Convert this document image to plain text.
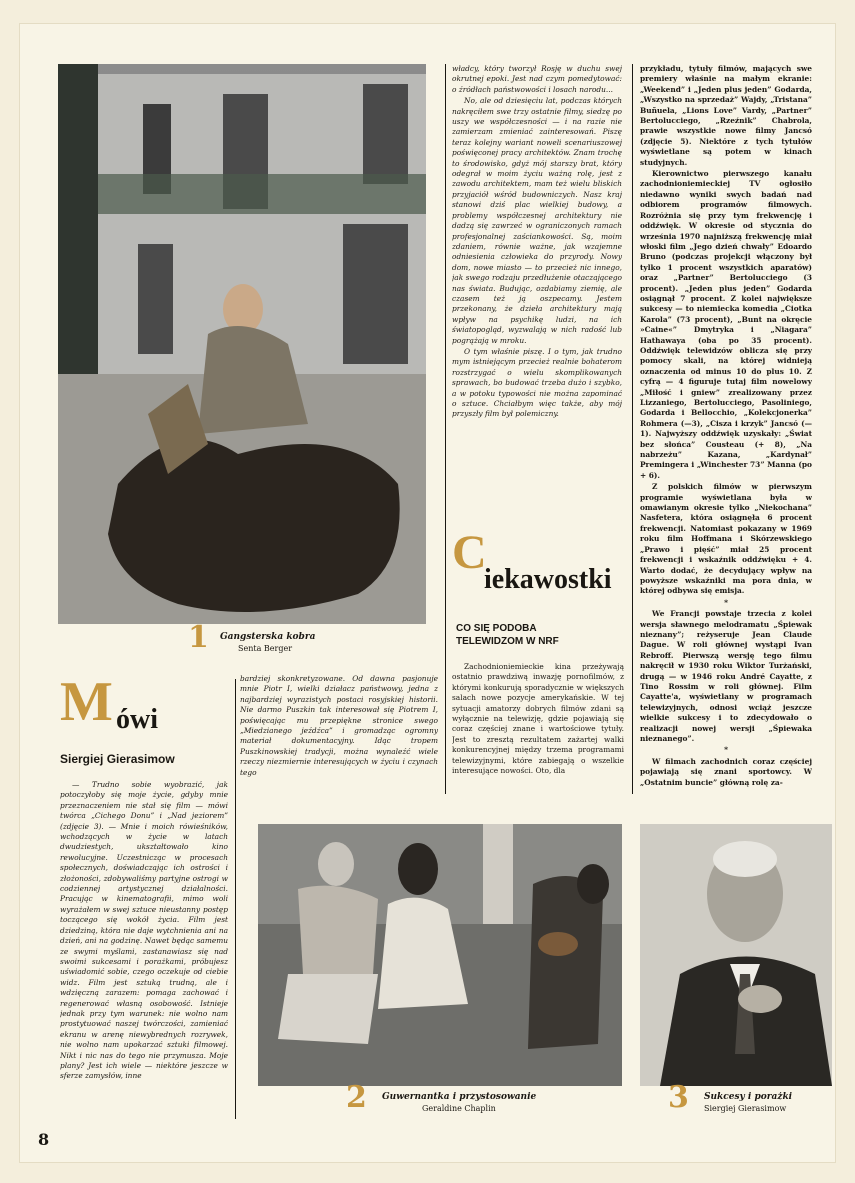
1 Gangsterska kobra
Senta Berger

władcy, który tworzył Rosję w duchu swej okrutnej epoki. Jest nad czym pomedytować: o źródłach państwowości i losach narodu...

No, ale od dziesięciu lat, podczas których nakręciłem swe trzy ostatnie filmy, siedzę po uszy we współczesności — i na razie nie zamierzam zmieniać zainteresowań. Piszę teraz kolejny wariant noweli scenariuszowej poświęconej pracy architektów. Znam trochę to środowisko, gdyż mój starszy brat, który odegrał w moim życiu ważną rolę, jest z zawodu architektem, mam też wielu bliskich przyjaciół wśród budowniczych. Nasz kraj stanowi dziś plac wielkiej budowy, a problemy współczesnej architektury nie dadzą się zawrzeć w ograniczonych ramach profesjonalnej zaściankowości. Są, moim zdaniem, równie ważne, jak wzajemne odniesienia człowieka do przyrody. Nowy dom, nowe miasto — to przecież nic innego, jak swego rodzaju przedłużenie otaczającego nas świata. Budując, ozdabiamy ziemię, ale czasem też ją oszpecamy. Jestem przekonany, że dzieła architektury mają wpływ na psychikę ludzi, na ich światopogląd, wyzwalają w nich radość lub pogrążają w mroku.

O tym właśnie piszę. I o tym, jak trudno mym istniejącym przecież realnie bohaterom rozstrzygać o wielu skomplikowanych sprawach, bo budować trzeba dużo i szybko, a w potoku typowości nie można zapominać o sztuce. Chciałbym więc także, aby mój przyszły film był polemiczny.

C
iekawostki
CO SIĘ PODOBA TELEWIDZOM W NRF

Zachodnioniemieckie kina przeżywają ostatnio prawdziwą inwazję pornofilmów, z którymi konkurują sporadycznie w większych salach nowe pozycje amerykańskie. W tej sytuacji amatorzy dobrych filmów zdani są wyłącznie na telewizję, gdzie pojawiają się coraz częściej znane i wartościowe tytuły. Jest to zresztą rezultatem zażartej walki konkurencyjnej między trzema programami telewizyjnymi, które zabiegają o wszelkie interesujące nowości. Oto, dla

przykładu, tytuły filmów, mających swe premiery właśnie na małym ekranie: „Weekend” i „Jeden plus jeden” Godarda, „Wszystko na sprzedaż” Wajdy, „Tristana” Buñuela, „Lions Love” Vardy, „Partner” Bertolucciego, „Rzeźnik” Chabrola, prawie wszystkie nowe filmy Jancsó (zdjęcie 5). Niektóre z tych tytułów wyświetlane są potem w kinach studyjnych.

Kierownictwo pierwszego kanału zachodnioniemieckiej TV ogłosiło niedawno wyniki swych badań nad odbiorem programów filmowych. Rozróżnia się przy tym frekwencję i oddźwięk. W okresie od stycznia do września 1970 najniższą frekwencję miał włoski film „Jego dzień chwały” Edoardo Bruno (podczas projekcji włączony był tylko 1 procent wszystkich aparatów) oraz „Partner” Bertolucciego (3 procent). „Jeden plus jeden” Godarda osiągnął 7 procent. Z kolei największe sukcesy — to niemiecka komedia „Ciotka Karola” (73 procent), „Bunt na okręcie »Caine«” Dmytryka i „Niagara” Hathawaya (oba po 35 procent). Oddźwięk telewidzów oblicza się przy pomocy skali, na której widnieją oznaczenia od minus 10 do plus 10. Z cyfrą — 4 figuruje tutaj film nowelowy „Miłość i gniew” zrealizowany przez Lizzaniego, Bertolucciego, Pasoliniego, Godarda i Bellocchio, „Kolekcjonerka” Rohmera (—3), „Cisza i krzyk” Jancsó (—1). Najwyższy oddźwięk uzyskały: „Świat bez słońca” Cousteau (+ 8), „Na nabrzeżu” Kazana, „Kardynał” Premingera i „Winchester 73” Manna (po + 6).

Z polskich filmów w pierwszym programie wyświetlana była w omawianym okresie tylko „Niekochana” Nasfetera, która osiągnęła 6 procent frekwencji. Natomiast pokazany w 1969 roku film Hoffmana i Skórzewskiego „Prawo i pięść” miał 25 procent frekwencji i wskaźnik oddźwięku + 4. Warto dodać, że decydujący wpływ na powyższe wskaźniki ma pora dnia, w której odbywa się emisja.

*

We Francji powstaje trzecia z kolei wersja sławnego melodramatu „Śpiewak nieznany”; reżyseruje Jean Claude Dague. W roli głównej wystąpi Ivan Rebroff. Pierwszą wersję tego filmu nakręcił w 1930 roku Wiktor Turżański, drugą — w 1946 roku André Cayatte, z Tino Rossim w roli głównej. Film Cayatte'a, wyświetlany w programach telewizyjnych, odnosi wciąż jeszcze wielkie sukcesy i to zdecydowało o realizacji nowej wersji „Śpiewaka nieznanego”.

*

W filmach zachodnich coraz częściej pojawiają się znani sportowcy. W „Ostatnim buncie” główną rolę za-

M ówi
Siergiej Gierasimow

— Trudno sobie wyobrazić, jak potoczyłoby się moje życie, gdyby mnie przeznaczeniem nie stał się film — mówi twórca „Cichego Donu” i „Nad jeziorem” (zdjęcie 3). — Mnie i moich rówieśników, wchodzących w życie w latach dwudziestych, ukształtowało kino rewolucyjne. Uczestnicząc w procesach społecznych, doświadczając ich ostrości i złożoności, zdobywaliśmy partyjne ostrogi w codziennej artystycznej działalności. Pracując w kinematografii, mimo woli wyrażałem w swej sztuce nieustanny postęp toczącego się wokół życia. Film jest dziedziną, która nie daje wytchnienia ani na dzień, ani na godzinę. Nawet będąc samemu ze swymi myślami, zastanawiasz się nad swoimi sukcesami i porażkami, próbujesz uświadomić sobie, czego oczekuje od ciebie widz. Film jest sztuką trudną, ale i wdzięczną zarazem: pomaga zachować i regenerować własną osobowość. Istnieje jednak przy tym warunek: nie wolno nam prostytuować naszej twórczości, zamieniać ekranu w arenę niewybrednych rozrywek, nie wolno nam upokarzać sztuki filmowej. Nikt i nic nas do tego nie przymusza. Moje plany? Jest ich wiele — niektóre jeszcze w sferze zamysłów, inne

bardziej skonkretyzowane. Od dawna pasjonuje mnie Piotr I, wielki działacz państwowy, jedna z najbardziej wyrazistych postaci rosyjskiej historii. Nie darmo Puszkin tak interesował się Piotrem I, poświęcając mu przepiękne stronice swego „Miedzianego jeźdźca” i gromadząc ogromny materiał dokumentacyjny. Idąc tropem Puszkinowskiej tradycji, można wynaleźć wiele rzeczy niezmiernie interesujących w życiu i czynach tego

2 Guwernantka i przystosowanie
Geraldine Chaplin	3 Sukcesy i porażki
Siergiej Gierasimow
8
